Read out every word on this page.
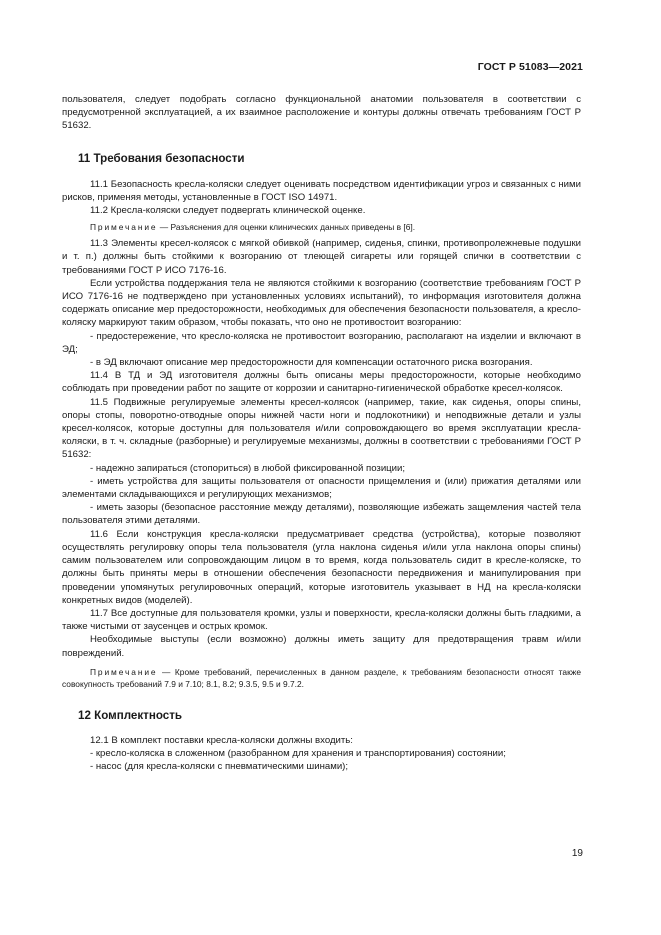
ГОСТ Р 51083—2021

пользователя, следует подобрать согласно функциональной анатомии пользователя в соответствии с предусмотренной эксплуатацией, а их взаимное расположение и контуры должны отвечать требованиям ГОСТ Р 51632.

11 Требования безопасности

11.1 Безопасность кресла-коляски следует оценивать посредством идентификации угроз и связанных с ними рисков, применяя методы, установленные в ГОСТ ISO 14971.

11.2 Кресла-коляски следует подвергать клинической оценке.

Примечание — Разъяснения для оценки клинических данных приведены в [6].

11.3 Элементы кресел-колясок с мягкой обивкой (например, сиденья, спинки, противопролежневые подушки и т. п.) должны быть стойкими к возгоранию от тлеющей сигареты или горящей спички в соответствии с требованиями ГОСТ Р ИСО 7176-16.

Если устройства поддержания тела не являются стойкими к возгоранию (соответствие требованиям ГОСТ Р ИСО 7176-16 не подтверждено при установленных условиях испытаний), то информация изготовителя должна содержать описание мер предосторожности, необходимых для обеспечения безопасности пользователя, а кресло-коляску маркируют таким образом, чтобы показать, что оно не противостоит возгоранию:

- предостережение, что кресло-коляска не противостоит возгоранию, располагают на изделии и включают в ЭД;

- в ЭД включают описание мер предосторожности для компенсации остаточного риска возгорания.

11.4 В ТД и ЭД изготовителя должны быть описаны меры предосторожности, которые необходимо соблюдать при проведении работ по защите от коррозии и санитарно-гигиенической обработке кресел-колясок.

11.5 Подвижные регулируемые элементы кресел-колясок (например, такие, как сиденья, опоры спины, опоры стопы, поворотно-отводные опоры нижней части ноги и подлокотники) и неподвижные детали и узлы кресел-колясок, которые доступны для пользователя и/или сопровождающего во время эксплуатации кресла-коляски, в т. ч. складные (разборные) и регулируемые механизмы, должны в соответствии с требованиями ГОСТ Р 51632:

- надежно запираться (стопориться) в любой фиксированной позиции;

- иметь устройства для защиты пользователя от опасности прищемления и (или) прижатия деталями или элементами складывающихся и регулирующих механизмов;

- иметь зазоры (безопасное расстояние между деталями), позволяющие избежать защемления частей тела пользователя этими деталями.

11.6 Если конструкция кресла-коляски предусматривает средства (устройства), которые позволяют осуществлять регулировку опоры тела пользователя (угла наклона сиденья и/или угла наклона опоры спины) самим пользователем или сопровождающим лицом в то время, когда пользователь сидит в кресле-коляске, то должны быть приняты меры в отношении обеспечения безопасности передвижения и манипулирования при проведении упомянутых регулировочных операций, которые изготовитель указывает в НД на кресла-коляски конкретных видов (моделей).

11.7 Все доступные для пользователя кромки, узлы и поверхности, кресла-коляски должны быть гладкими, а также чистыми от заусенцев и острых кромок.

Необходимые выступы (если возможно) должны иметь защиту для предотвращения травм и/или повреждений.

Примечание — Кроме требований, перечисленных в данном разделе, к требованиям безопасности относят также совокупность требований 7.9 и 7.10; 8.1, 8.2; 9.3.5, 9.5 и 9.7.2.

12 Комплектность

12.1 В комплект поставки кресла-коляски должны входить:

- кресло-коляска в сложенном (разобранном для хранения и транспортирования) состоянии;

- насос (для кресла-коляски с пневматическими шинами);

19
